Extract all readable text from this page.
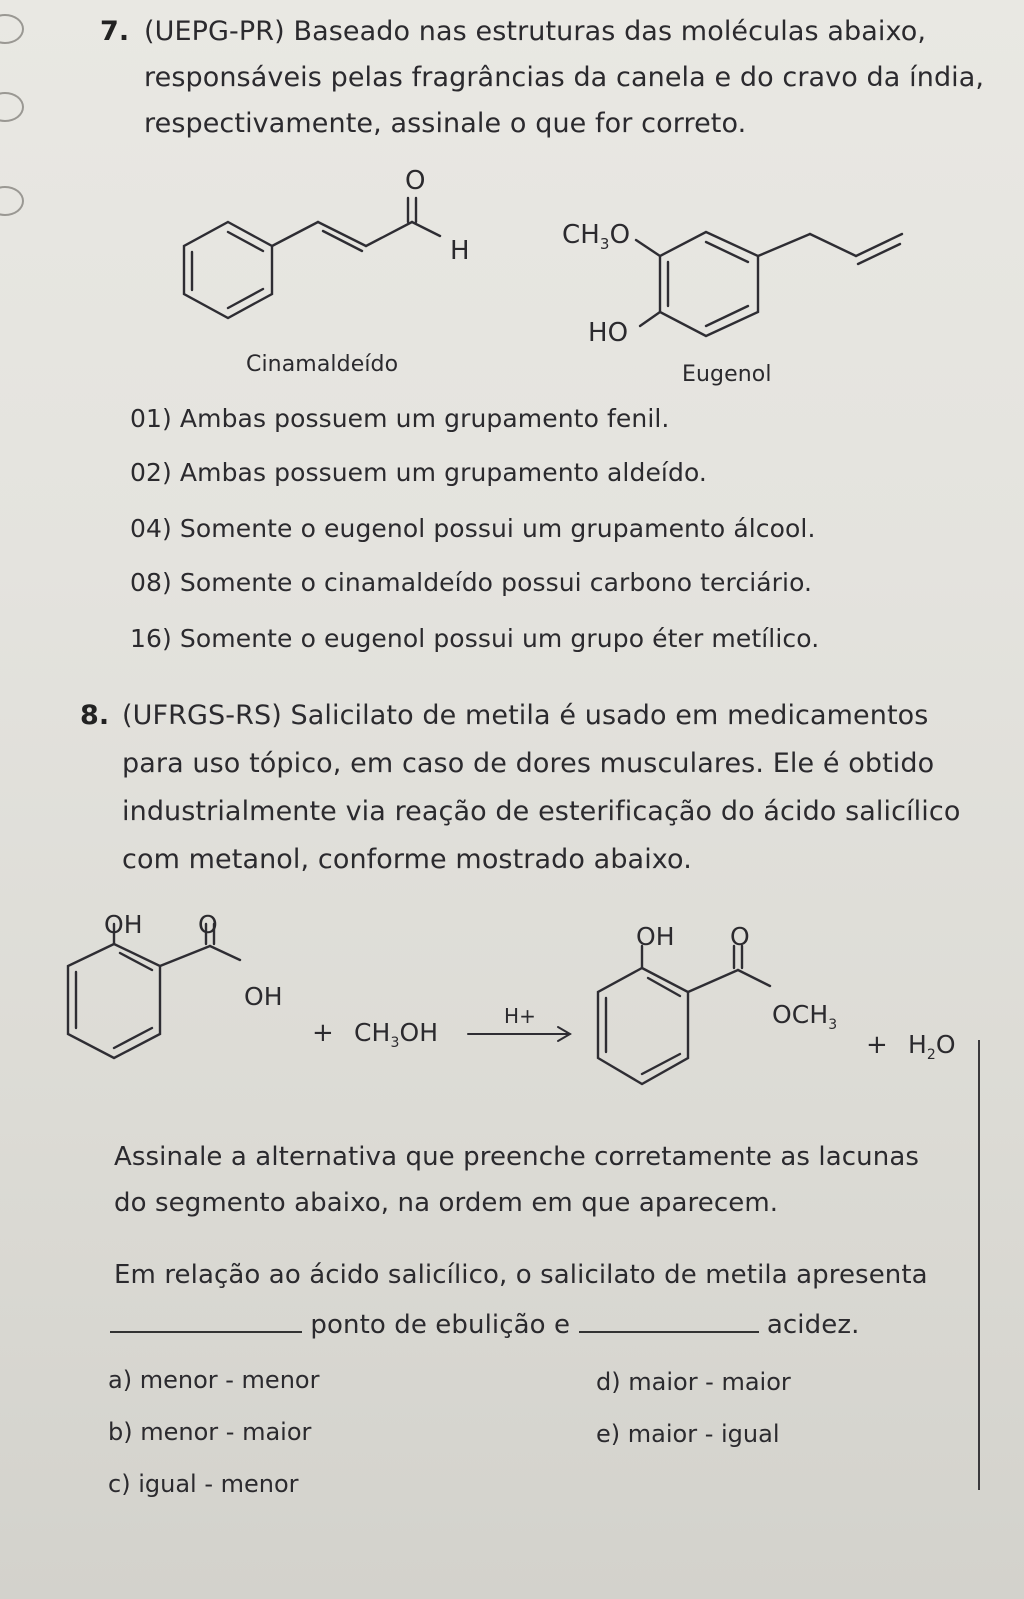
7. (UEPG-PR) Baseado nas estruturas das moléculas abaixo,
responsáveis pelas fragrâncias da canela e do cravo da índia,
respectivamente, assinale o que for correto.
O
H
Cinamaldeído
$CH_3O$
HO
Eugenol
01) Ambas possuem um grupamento fenil.
02) Ambas possuem um grupamento aldeído.
04) Somente o eugenol possui um grupamento álcool.
08) Somente o cinamaldeído possui carbono terciário.
16) Somente o eugenol possui um grupo éter metílico.
8. (UFRGS-RS) Salicilato de metila é usado em medicamentos
para uso tópico, em caso de dores musculares. Ele é obtido
industrialmente via reação de esterificação do ácido salicílico
com metanol, conforme mostrado abaixo.
OH O
OH
+ $CH_3OH$
H+
OH O
$OCH_3$
+ $H_2O$
Assinale a alternativa que preenche corretamente as lacunas
do segmento abaixo, na ordem em que aparecem.
Em relação ao ácido salicílico, o salicilato de metila apresenta
ponto de ebulição e	acidez.
a) menor - menor
b) menor - maior
c) igual - menor
d) maior - maior
e) maior - igual
